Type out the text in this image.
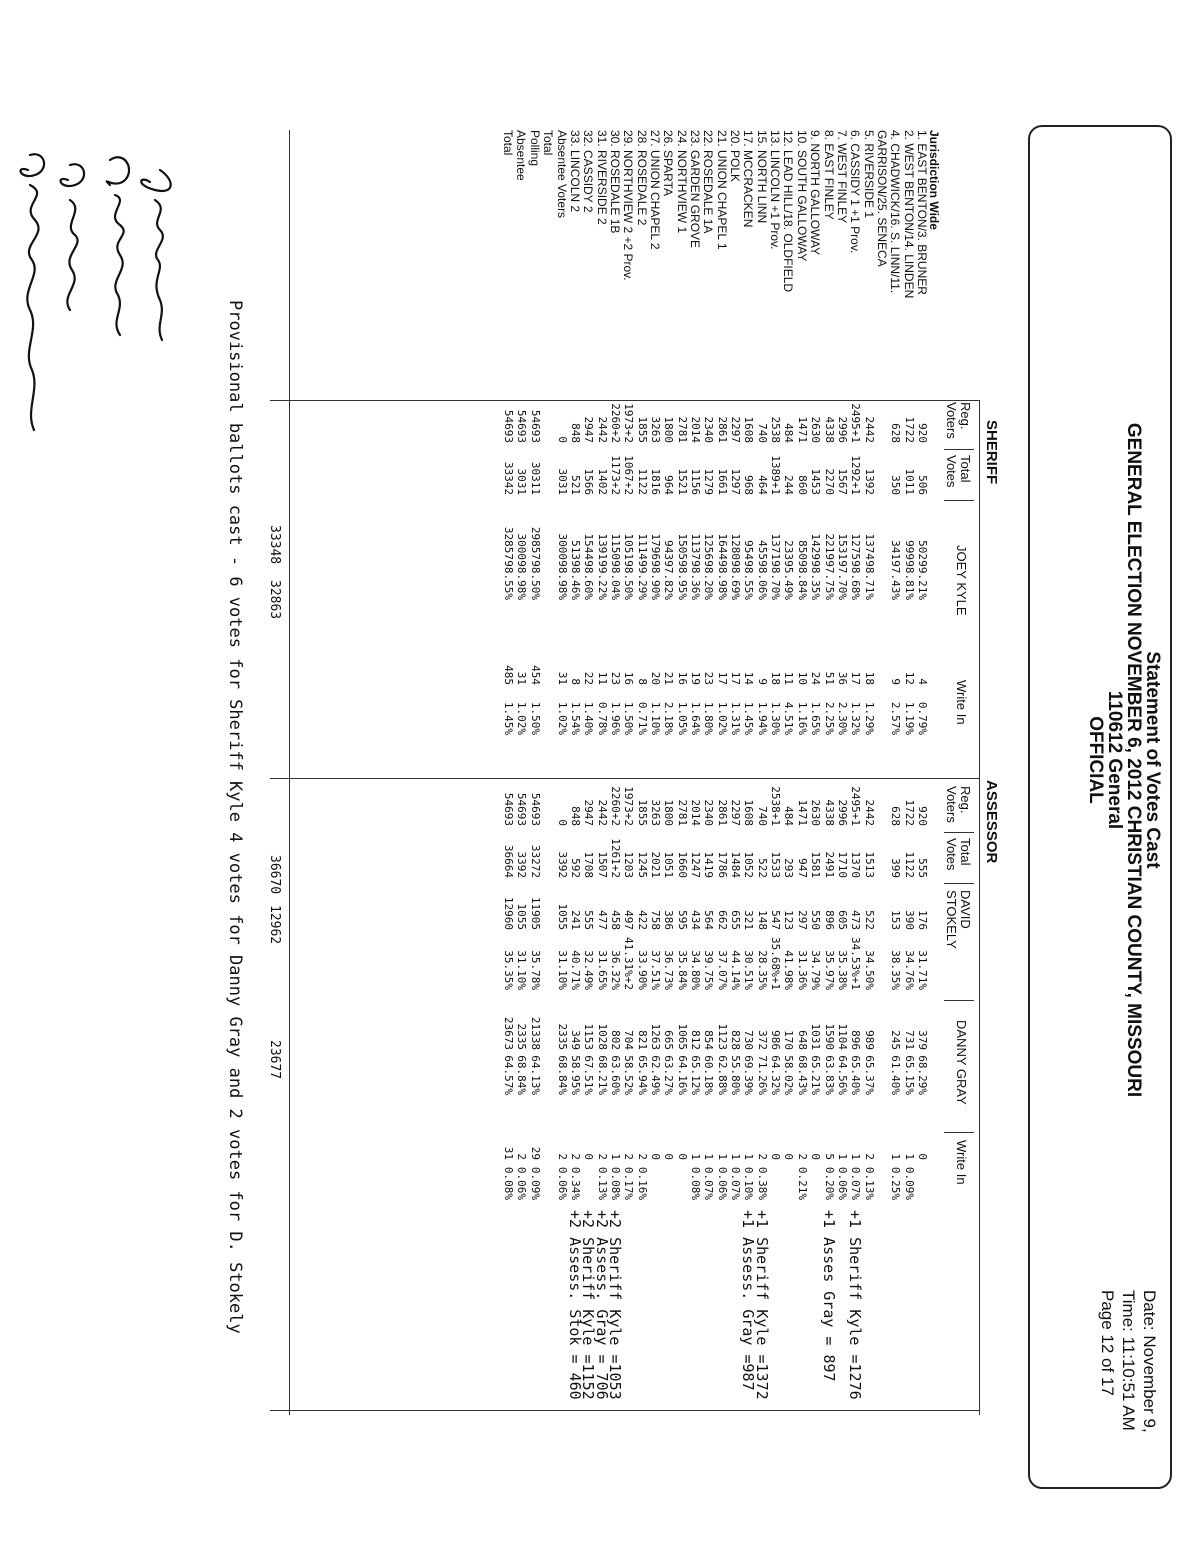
Statement of Votes Cast
GENERAL ELECTION NOVEMBER 6, 2012 CHRISTIAN COUNTY, MISSOURI
110612 General
OFFICIAL
Date: November 9,
Time: 11:10:51 AM
Page 12 of 17
SHERIFF
ASSESSOR
Reg. Voters
Total Votes
JOEY KYLE
Write In
Reg. Voters
Total Votes
DAVID STOKELY
DANNY GRAY
Write In
Jurisdiction Wide
1. EAST BENTON/3. BRUNER
920
506
502
99.21%
4
0.79%
920
555
176
31.71%
379
68.29%
0
2. WEST BENTON/14. LINDEN
1722
1011
999
98.81%
12
1.19%
1722
1122
390
34.76%
731
65.15%
1
0.09%
4. CHADWICK/16. S. LINN/11.
628
350
341
97.43%
9
2.57%
628
399
153
38.35%
245
61.40%
1
0.25%
GARRISON/25. SENECA
5. RIVERSIDE 1
2442
1392
1374
98.71%
18
1.29%
2442
1513
522
34.50%
989
65.37%
2
0.13%
6. CASSIDY 1 +1 Prov.
2495+1
1292+1
1275
98.68%
17
1.32%
2495+1
1370
473
34.53%+1
896
65.40%
1
0.07%
7. WEST FINLEY
2996
1567
1531
97.70%
36
2.30%
2996
1710
605
35.38%
1104
64.56%
1
0.06%
8. EAST FINLEY
4338
2270
2219
97.75%
51
2.25%
4338
2491
896
35.97%
1590
63.83%
5
0.20%
9. NORTH GALLOWAY
2630
1453
1429
98.35%
24
1.65%
2630
1581
550
34.79%
1031
65.21%
0
10. SOUTH GALLOWAY
1471
860
850
98.84%
10
1.16%
1471
947
297
31.36%
648
68.43%
2
0.21%
12. LEAD HILL/18. OLDFIELD
484
244
233
95.49%
11
4.51%
484
293
123
41.98%
170
58.02%
0
13. LINCOLN +1 Prov.
2538
1389+1
1371
98.70%
18
1.30%
2538+1
1533
547
35.68%+1
986
64.32%
0
15. NORTH LINN
740
464
455
98.06%
9
1.94%
740
522
148
28.35%
372
71.26%
2
0.38%
17. MCCRACKEN
1608
968
954
98.55%
14
1.45%
1608
1052
321
30.51%
730
69.39%
1
0.10%
20. POLK
2297
1297
1280
98.69%
17
1.31%
2297
1484
655
44.14%
828
55.80%
1
0.07%
21. UNION CHAPEL 1
2861
1661
1644
98.98%
17
1.02%
2861
1786
662
37.07%
1123
62.88%
1
0.06%
22. ROSEDALE 1A
2340
1279
1256
98.20%
23
1.80%
2340
1419
564
39.75%
854
60.18%
1
0.07%
23. GARDEN GROVE
2014
1156
1137
98.36%
19
1.64%
2014
1247
434
34.80%
812
65.12%
1
0.08%
24. NORTHVIEW 1
2781
1521
1505
98.95%
16
1.05%
2781
1660
595
35.84%
1065
64.16%
0
26. SPARTA
1800
964
943
97.82%
21
2.18%
1800
1051
386
36.73%
665
63.27%
0
27. UNION CHAPEL 2
3263
1816
1796
98.90%
20
1.10%
3263
2021
758
37.51%
1263
62.49%
0
28. ROSEDALE 2
1855
1122
1114
99.29%
8
0.71%
1855
1245
422
33.90%
821
65.94%
2
0.16%
29. NORTHVIEW 2 +2 Prov.
1973+2
1067+2
1051
98.50%
16
1.50%
1973+2
1203
497
41.31%+2
704
58.52%
2
0.17%
30. ROSEDALE 1B
2260+2
1173+2
1150
98.04%
23
1.96%
2260+2
1261+2
458
36.32%
802
63.60%
1
0.08%
31. RIVERSIDE 2
2442
1402
1391
99.22%
11
0.78%
2442
1507
477
31.65%
1028
68.21%
2
0.13%
32. CASSIDY 2
2947
1566
1544
98.60%
22
1.40%
2947
1708
555
32.49%
1153
67.51%
0
33. LINCOLN 2
848
521
513
98.46%
8
1.54%
848
592
241
40.71%
349
58.95%
2
0.34%
Absentee Voters
0
3031
3000
98.98%
31
1.02%
0
3392
1055
31.10%
2335
68.84%
2
0.06%
Total
Polling
54693
30311
29857
98.50%
454
1.50%
54693
33272
11905
35.78%
21338
64.13%
29
0.09%
Absentee
54693
3031
3000
98.98%
31
1.02%
54693
3392
1055
31.10%
2335
68.84%
2
0.06%
Total
54693
33342
32857
98.55%
485
1.45%
54693
36664
12960
35.35%
23673
64.57%
31
0.08%
33348
32863
36670
12962
23677
+1 Sheriff Kyle =1276
+1 Asses Gray = 897
+1 Sheriff Kyle =1372
+1 Assess. Gray =987
+2 Sheriff Kyle =1053
+2 Assess. Gray = 706
+2 Sheriff Kyle =1152
+2 Assess. Stok = 460
Provisional ballots cast - 6 votes for Sheriff Kyle 4 votes for Danny Gray and 2 votes for D. Stokely
